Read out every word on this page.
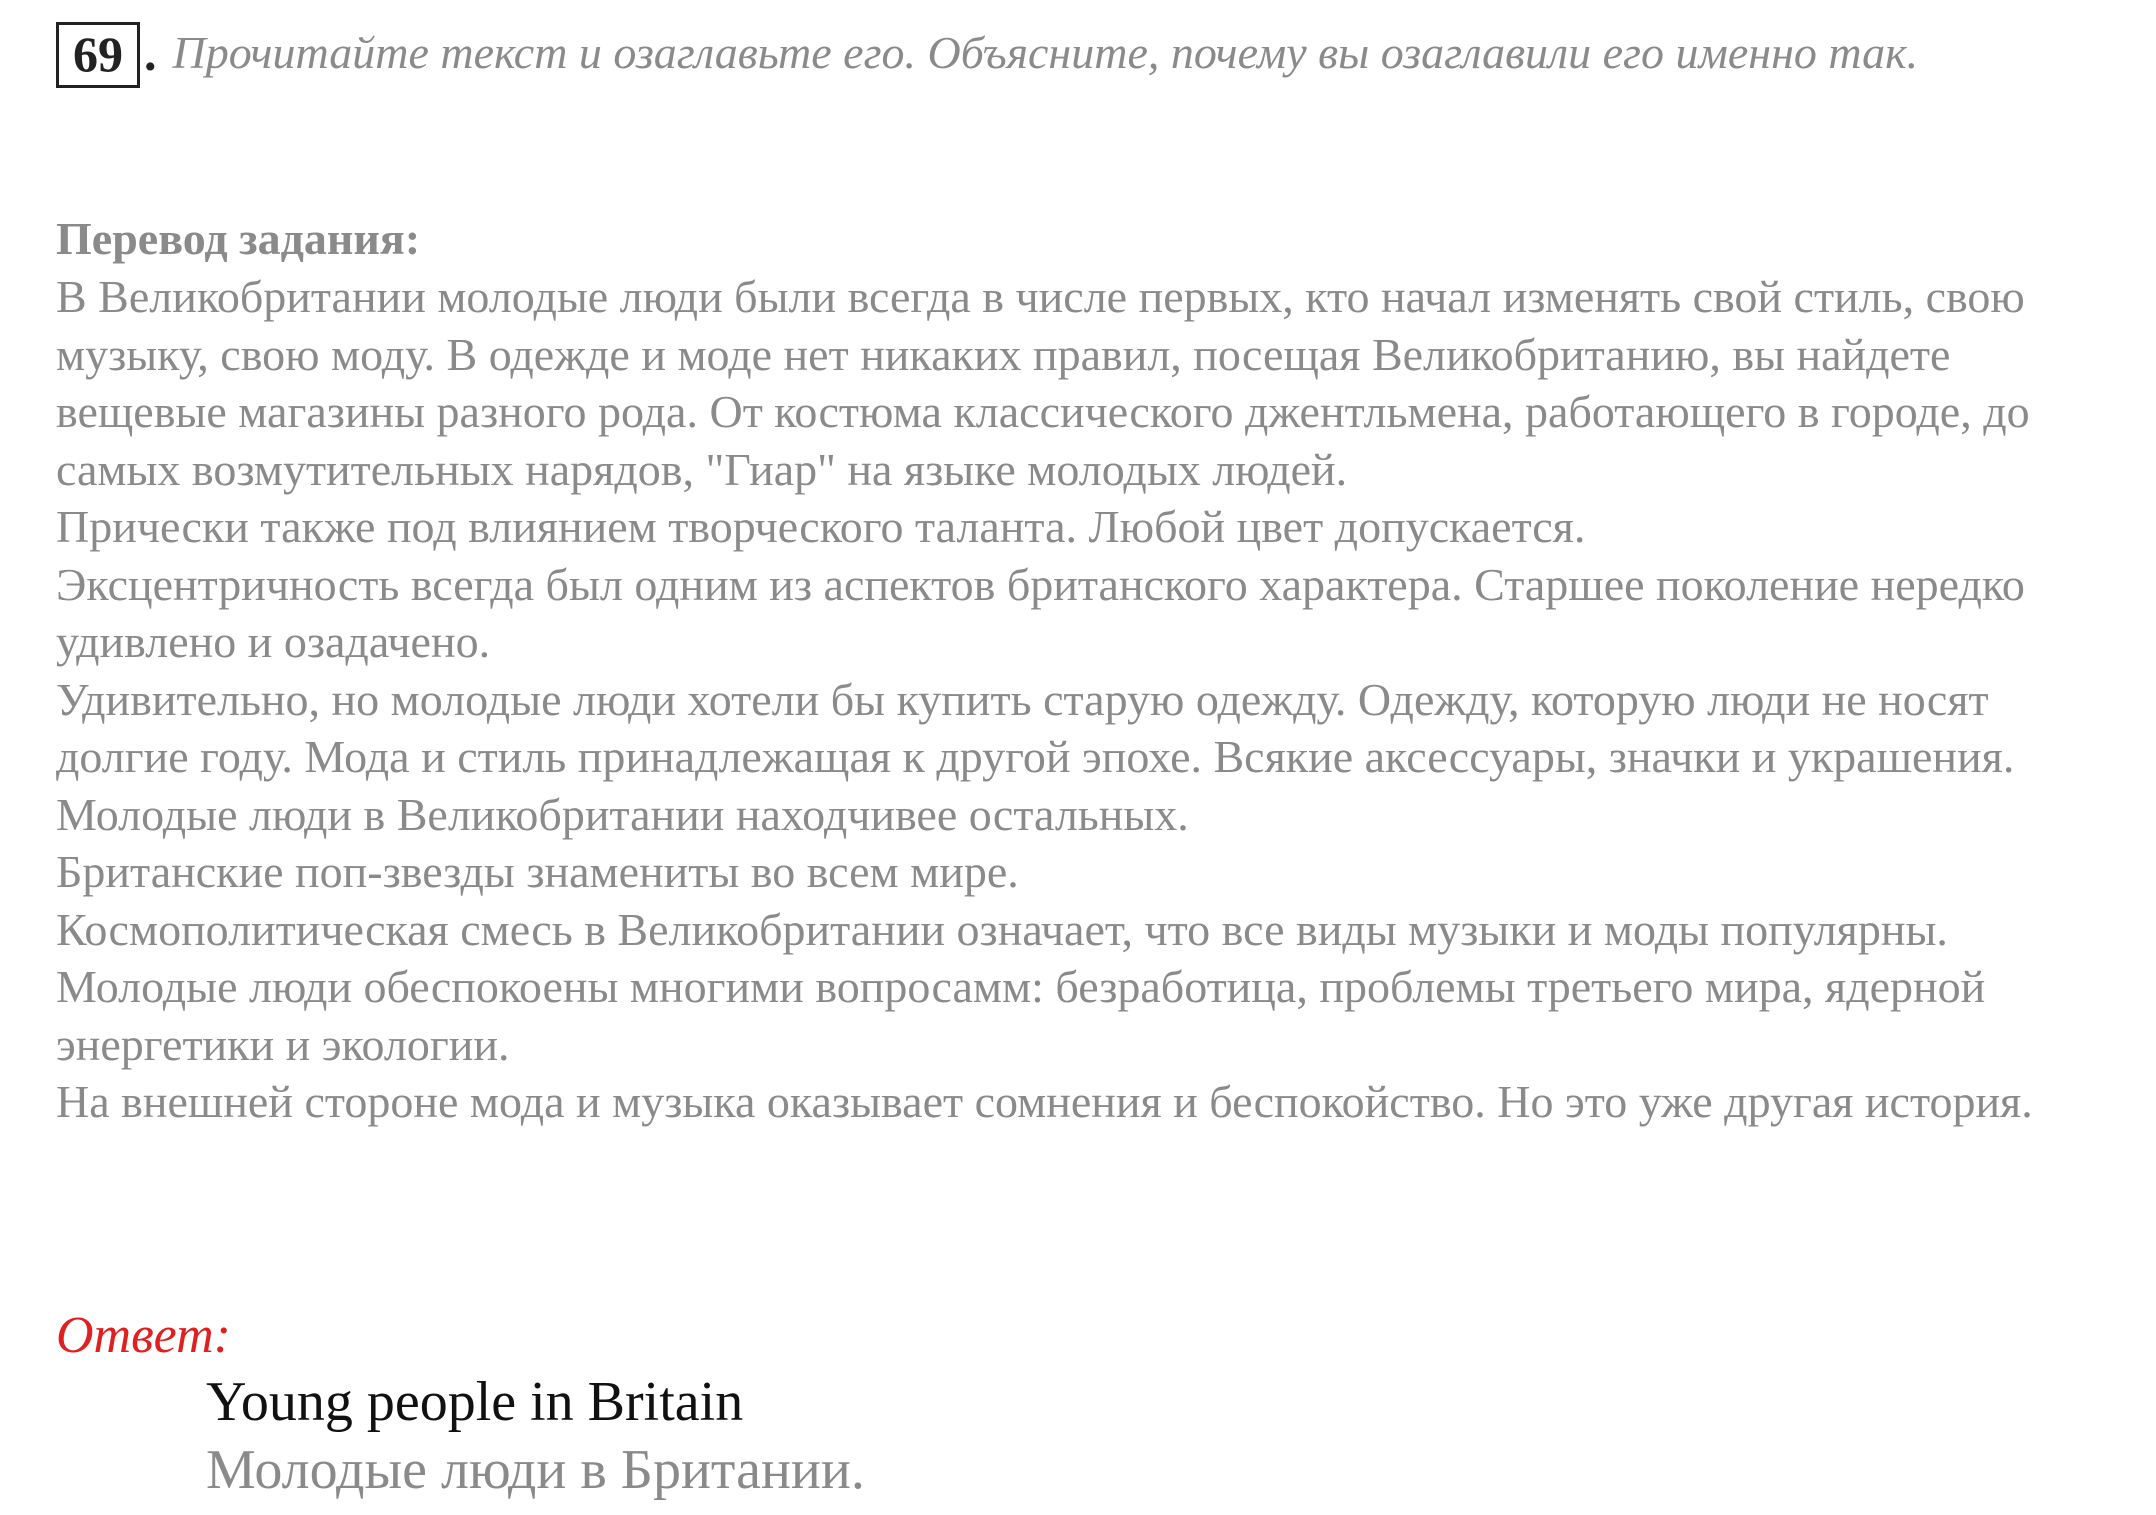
69 . Прочитайте текст и озаглавьте его. Объясните, почему вы озаглавили его именно так.
Перевод задания:

В Великобритании молодые люди были всегда в числе первых, кто начал изменять свой стиль, свою музыку, свою моду. В одежде и моде нет никаких правил, посещая Великобританию, вы найдете вещевые магазины разного рода. От костюма классического джентльмена, работающего в городе, до самых возмутительных нарядов, "Гиар" на языке молодых людей.

Прически также под влиянием творческого таланта. Любой цвет допускается.

Эксцентричность всегда был одним из аспектов британского характера. Старшее поколение нередко удивлено и озадачено.

Удивительно, но молодые люди хотели бы купить старую одежду. Одежду, которую люди не носят долгие году. Мода и стиль принадлежащая к другой эпохе. Всякие аксессуары, значки и украшения. Молодые люди в Великобритании находчивее остальных.

Британские поп-звезды знамениты во всем мире.

Космополитическая смесь в Великобритании означает, что все виды музыки и моды популярны. Молодые люди обеспокоены многими вопросамм: безработица, проблемы третьего мира, ядерной энергетики и экологии.

На внешней стороне мода и музыка оказывает сомнения и беспокойство. Но это уже другая история.

Ответ:
Young people in Britain
Молодые люди в Британии.
